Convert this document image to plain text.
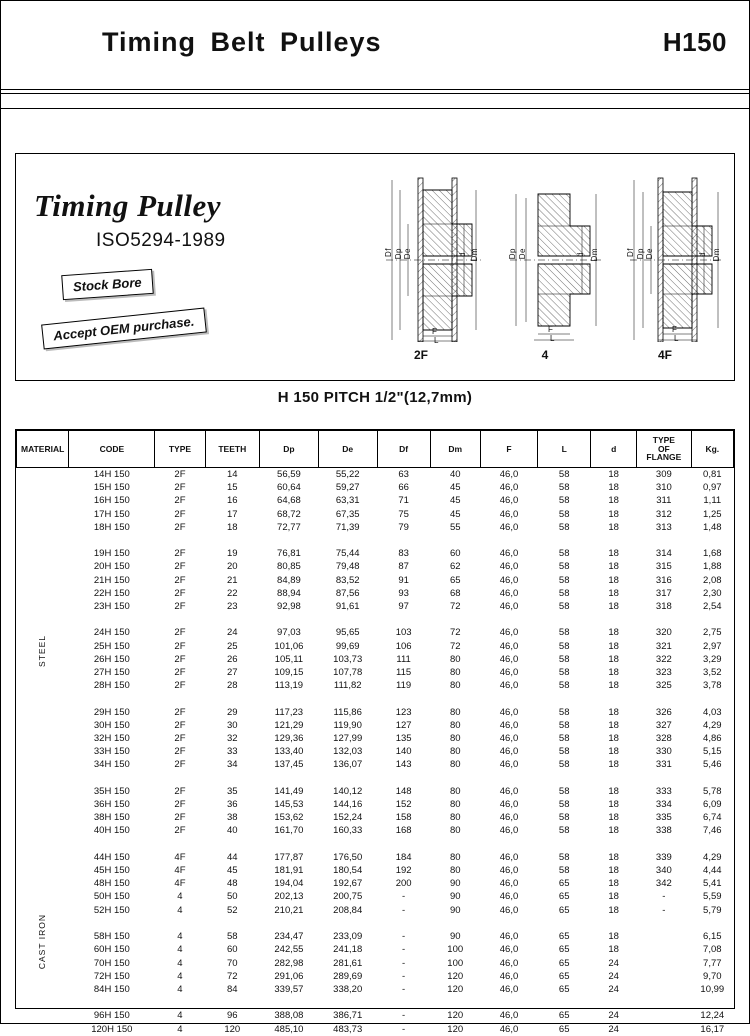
Timing Belt Pulleys	H150
Timing Pulley
ISO5294-1989
Stock Bore
Accept OEM purchase.
Df Dp De	d Dm
F
L
2F
Dp De	d Dm
F
L
4
Df Dp De	d Dm
F
L
4F
H 150 PITCH 1/2"(12,7mm)
MATERIAL	CODE	TYPE	TEETH	Dp	De	Df	Dm	F	L	d	TYPE
OF
FLANGE	Kg.
STEEL	14H 150	2F	14	56,59	55,22	63	40	46,0	58	18	309	0,81
	15H 150	2F	15	60,64	59,27	66	45	46,0	58	18	310	0,97
	16H 150	2F	16	64,68	63,31	71	45	46,0	58	18	311	1,11
	17H 150	2F	17	68,72	67,35	75	45	46,0	58	18	312	1,25
	18H 150	2F	18	72,77	71,39	79	55	46,0	58	18	313	1,48

	19H 150	2F	19	76,81	75,44	83	60	46,0	58	18	314	1,68
	20H 150	2F	20	80,85	79,48	87	62	46,0	58	18	315	1,88
	21H 150	2F	21	84,89	83,52	91	65	46,0	58	18	316	2,08
	22H 150	2F	22	88,94	87,56	93	68	46,0	58	18	317	2,30
	23H 150	2F	23	92,98	91,61	97	72	46,0	58	18	318	2,54

	24H 150	2F	24	97,03	95,65	103	72	46,0	58	18	320	2,75
	25H 150	2F	25	101,06	99,69	106	72	46,0	58	18	321	2,97
	26H 150	2F	26	105,11	103,73	111	80	46,0	58	18	322	3,29
	27H 150	2F	27	109,15	107,78	115	80	46,0	58	18	323	3,52
	28H 150	2F	28	113,19	111,82	119	80	46,0	58	18	325	3,78

	29H 150	2F	29	117,23	115,86	123	80	46,0	58	18	326	4,03
	30H 150	2F	30	121,29	119,90	127	80	46,0	58	18	327	4,29
	32H 150	2F	32	129,36	127,99	135	80	46,0	58	18	328	4,86
	33H 150	2F	33	133,40	132,03	140	80	46,0	58	18	330	5,15
	34H 150	2F	34	137,45	136,07	143	80	46,0	58	18	331	5,46

	35H 150	2F	35	141,49	140,12	148	80	46,0	58	18	333	5,78
	36H 150	2F	36	145,53	144,16	152	80	46,0	58	18	334	6,09
	38H 150	2F	38	153,62	152,24	158	80	46,0	58	18	335	6,74
	40H 150	2F	40	161,70	160,33	168	80	46,0	58	18	338	7,46

CAST IRON	44H 150	4F	44	177,87	176,50	184	80	46,0	58	18	339	4,29
	45H 150	4F	45	181,91	180,54	192	80	46,0	58	18	340	4,44
	48H 150	4F	48	194,04	192,67	200	90	46,0	65	18	342	5,41
	50H 150	4	50	202,13	200,75	-	90	46,0	65	18	-	5,59
	52H 150	4	52	210,21	208,84	-	90	46,0	65	18	-	5,79

	58H 150	4	58	234,47	233,09	-	90	46,0	65	18		6,15
	60H 150	4	60	242,55	241,18	-	100	46,0	65	18		7,08
	70H 150	4	70	282,98	281,61	-	100	46,0	65	24		7,77
	72H 150	4	72	291,06	289,69	-	120	46,0	65	24		9,70
	84H 150	4	84	339,57	338,20	-	120	46,0	65	24		10,99

	96H 150	4	96	388,08	386,71	-	120	46,0	65	24		12,24
	120H 150	4	120	485,10	483,73	-	120	46,0	65	24		16,17
